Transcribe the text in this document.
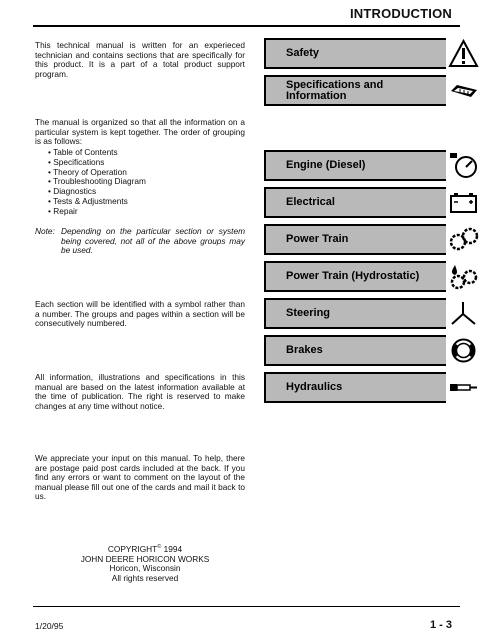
INTRODUCTION

This technical manual is written for an experieced technician and contains sections that are specifically for this product. It is a part of a total product support program.

The manual is organized so that all the information on a particular system is kept together. The order of grouping is as follows:

• Table of Contents
• Specifications
• Theory of Operation
• Troubleshooting Diagram
• Diagnostics
• Tests & Adjustments
• Repair
Note: Depending on the particular section or system being covered, not all of the above groups may be used.

Each section will be identified with a symbol rather than a number. The groups and pages within a section will be consecutively numbered.

All information, illustrations and specifications in this manual are based on the latest information available at the time of publication. The right is reserved to make changes at any time without notice.

We appreciate your input on this manual. To help, there are postage paid post cards included at the back. If you find any errors or want to comment on the layout of the manual please fill out one of the cards and mail it back to us.

COPYRIGHT© 1994
JOHN DEERE HORICON WORKS
Horicon, Wisconsin
All rights reserved
Safety
Specifications and Information
Engine (Diesel)
Electrical
Power Train
Power Train (Hydrostatic)
Steering
Brakes
Hydraulics
1/20/95	1 - 3
